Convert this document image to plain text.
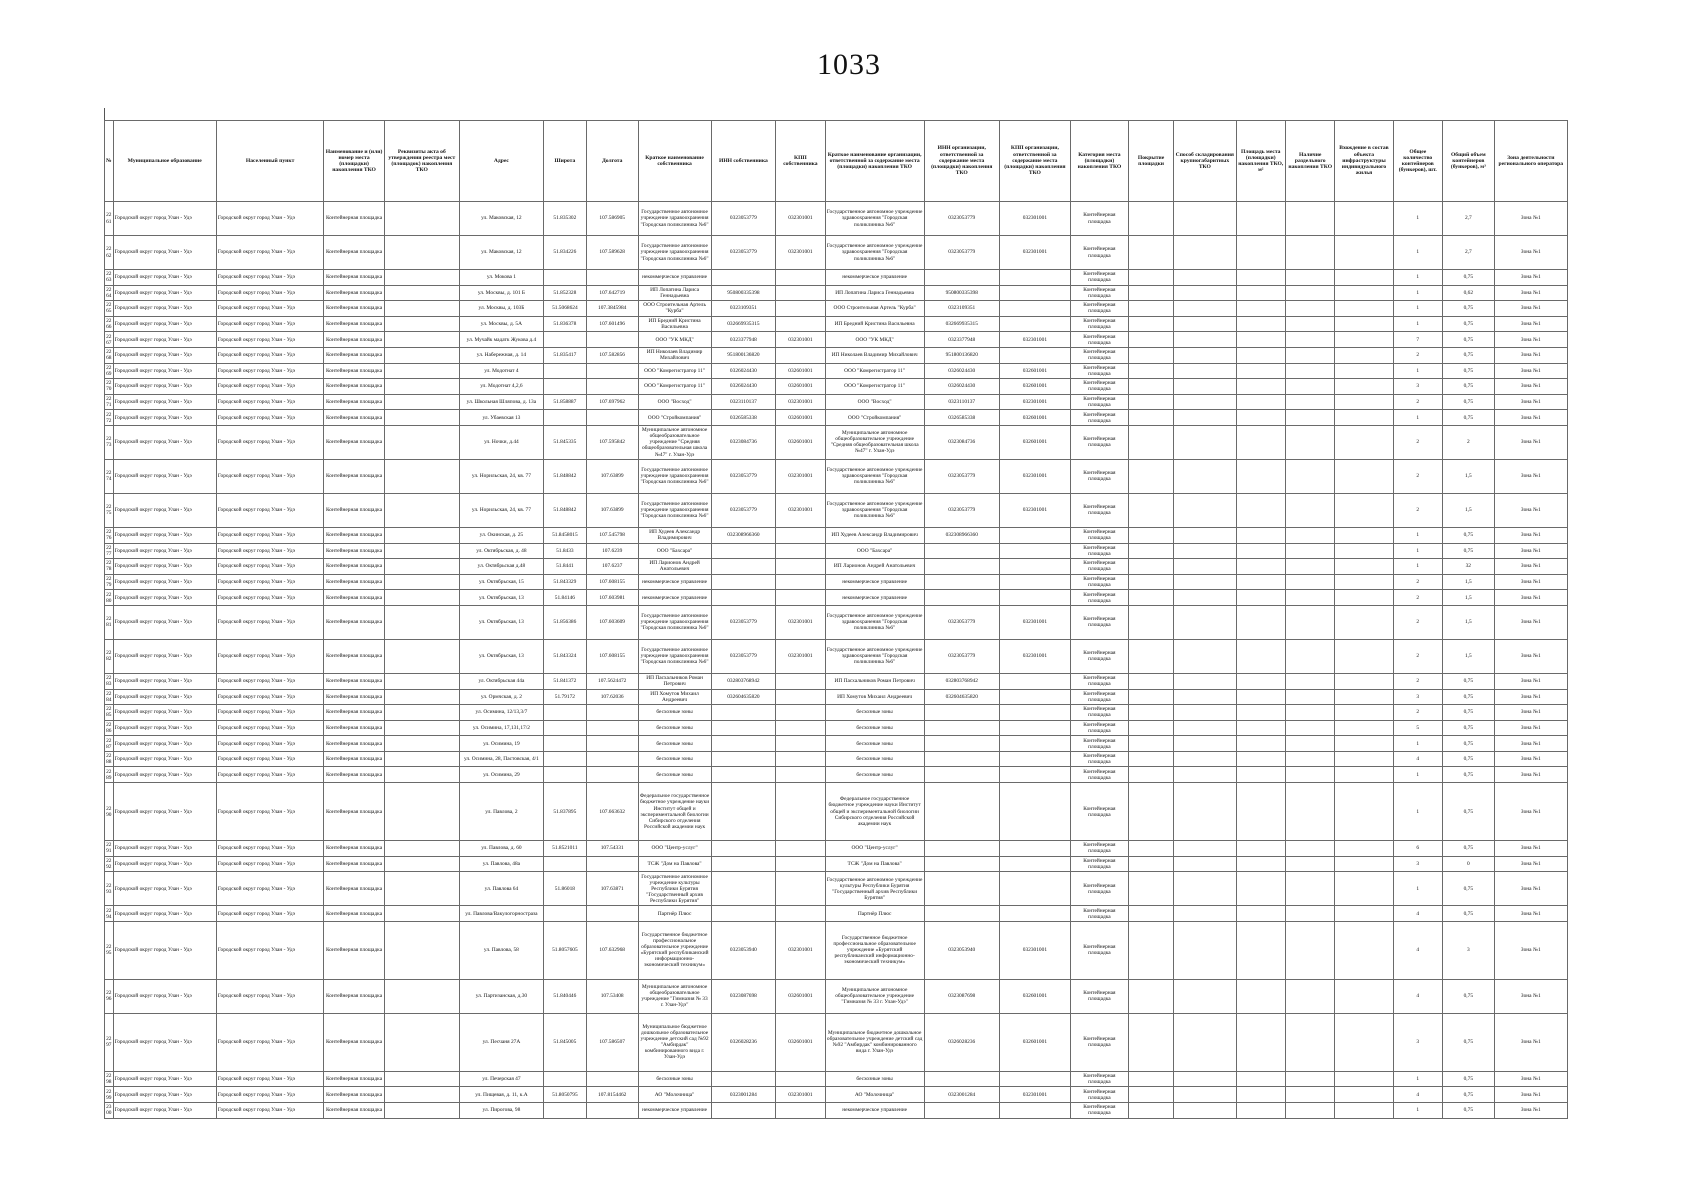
1033
№	Муниципальное образование	Населенный пункт	Наименование и (или) номер места (площадки) накопления ТКО	Реквизиты акта об утверждении реестра мест (площадок) накопления ТКО	Адрес	Широта	Долгота	Краткое наименование собственника	ИНН собственника	КПП собственника	Краткое наименование организации, ответственной за содержание места (площадки) накопления ТКО	ИНН организации, ответственной за содержание места (площадки) накопления ТКО	КПП организации, ответственной за содержание места (площадки) накопления ТКО	Категория места (площадки) накопления ТКО	Покрытие площадки	Способ складирования крупногабаритных ТКО	Площадь места (площадки) накопления ТКО, м²	Наличие раздельного накопления ТКО	Вхождение в состав объекта инфраструктуры индивидуального жилья	Общее количество контейнеров (бункеров), шт.	Общий объем контейнеров (бункеров), м³	Зона деятельности регионального оператора
2261	Городской округ город Улан - Удэ	Городской округ город Улан - Удэ	Контейнерная площадка		ул. Маковская, 12	51.835302	107.586905	Государственное автономное учреждение здравоохранения "Городская поликлиника №6"	0323053779	032301001	Государственное автономное учреждение здравоохранения "Городская поликлиника №6"	0323053779	032301001	Контейнерная площадка						1	2,7	Зона №1
2262	Городской округ город Улан - Удэ	Городской округ город Улан - Удэ	Контейнерная площадка		ул. Маковская, 12	51.834226	107.589628	Государственное автономное учреждение здравоохранения "Городская поликлиника №6"	0323053779	032301001	Государственное автономное учреждение здравоохранения "Городская поликлиника №6"	0323053779	032301001	Контейнерная площадка						1	2,7	Зона №1
2263	Городской округ город Улан - Удэ	Городской округ город Улан - Удэ	Контейнерная площадка		ул. Мокова 1			некоммерческое управление			некоммерческое управление			Контейнерная площадка						1	0,75	Зона №1
2264	Городской округ город Улан - Удэ	Городской округ город Улан - Удэ	Контейнерная площадка		ул. Москвы, д. 101 Б	51.852328	107.642719	ИП Лопатина Лариса Геннадьевна	950800335398		ИП Лопатина Лариса Геннадьевна	950800335398		Контейнерная площадка						1	0,62	Зона №1
2265	Городской округ город Улан - Удэ	Городской округ город Улан - Удэ	Контейнерная площадка		ул. Москвы, д. 103Б	51.5068624	107.3845984	ООО Строительная Артель "Курба"	0323109351		ООО Строительная Артель "Курба"	0323109351		Контейнерная площадка						1	0,75	Зона №1
2266	Городской округ город Улан - Удэ	Городской округ город Улан - Удэ	Контейнерная площадка		ул. Москвы, д. 5А	51.836378	107.601496	ИП Бредний Кристина Васильевна	032669935315		ИП Бредний Кристина Васильевна	032669935315		Контейнерная площадка						1	0,75	Зона №1
2267	Городской округ город Улан - Удэ	Городской округ город Улан - Удэ	Контейнерная площадка		ул. Мучайк мадатк Жукова д.4			ООО "УК МКД"	0323377948	032301001	ООО "УК МКД"	0323377948	032301001	Контейнерная площадка						7	0,75	Зона №1
2268	Городской округ город Улан - Удэ	Городской округ город Улан - Удэ	Контейнерная площадка		ул. Набережная, д. 14	51.835417	107.582856	ИП Николаев Владимир Михайлович	951800136820		ИП Николаев Владимир Михайлович	951800136820		Контейнерная площадка						2	0,75	Зона №1
2269	Городской округ город Улан - Удэ	Городской округ город Улан - Удэ	Контейнерная площадка		ул. Модотнат 4			ООО "Комрегистратор 11"	0326024430	032601001	ООО "Комрегистратор 11"	0326024430	032601001	Контейнерная площадка						1	0,75	Зона №1
2270	Городской округ город Улан - Удэ	Городской округ город Улан - Удэ	Контейнерная площадка		ул. Модотнат 4,2,6			ООО "Комрегистратор 11"	0326024430	032601001	ООО "Комрегистратор 11"	0326024430	032601001	Контейнерная площадка						3	0,75	Зона №1
2271	Городской округ город Улан - Удэ	Городской округ город Улан - Удэ	Контейнерная площадка		ул. Школьная Шляпова, д. 13а	51.858887	107.697962	ООО "Восход"	0323110137	032301001	ООО "Восход"	0323110137	032301001	Контейнерная площадка						2	0,75	Зона №1
2272	Городской округ город Улан - Удэ	Городской округ город Улан - Удэ	Контейнерная площадка		ул. Убаевская 13			ООО "Стройкомпания"	0326585338	032601001	ООО "Стройкомпания"	0326585338	032601001	Контейнерная площадка						1	0,75	Зона №1
2273	Городской округ город Улан - Удэ	Городской округ город Улан - Удэ	Контейнерная площадка		ул. Ночки, д.44	51.845335	107.595842	Муниципальное автономное общеобразовательное учреждение "Средняя общеобразовательная школа №47" г. Улан-Удэ	0323084736	032601001	Муниципальное автономное общеобразовательное учреждение "Средняя общеобразовательная школа №47" г. Улан-Удэ	0323084736	032601001	Контейнерная площадка						2	2	Зона №1
2274	Городской округ город Улан - Удэ	Городской округ город Улан - Удэ	Контейнерная площадка		ул. Норильская, 24, кв. 77	51.848842	107.63899	Государственное автономное учреждение здравоохранения "Городская поликлиника №6"	0323053779	032301001	Государственное автономное учреждение здравоохранения "Городская поликлиника №6"	0323053779	032301001	Контейнерная площадка						2	1,5	Зона №1
2275	Городской округ город Улан - Удэ	Городской округ город Улан - Удэ	Контейнерная площадка		ул. Норильская, 24, кв. 77	51.848842	107.63899	Государственное автономное учреждение здравоохранения "Городская поликлиника №6"	0323053779	032301001	Государственное автономное учреждение здравоохранения "Городская поликлиника №6"	0323053779	032301001	Контейнерная площадка						2	1,5	Зона №1
2276	Городской округ город Улан - Удэ	Городской округ город Улан - Удэ	Контейнерная площадка		ул. Окинская, д. 25	51.8458015	107.545798	ИП Худеев Александр Владимирович	032308966360		ИП Худеев Александр Владимирович	032308966360		Контейнерная площадка						1	0,75	Зона №1
2277	Городской округ город Улан - Удэ	Городской округ город Улан - Удэ	Контейнерная площадка		ул. Октябрьская, д. 48	51.8433	107.6239	ООО "Бахсара"			ООО "Бахсара"			Контейнерная площадка						1	0,75	Зона №1
2278	Городской округ город Улан - Удэ	Городской округ город Улан - Удэ	Контейнерная площадка		ул. Октябрьская д.48	51.8441	107.6237	ИП Ларионов Андрей Анатольевич			ИП Ларионов Андрей Анатольевич			Контейнерная площадка						1	32	Зона №1
2279	Городской округ город Улан - Удэ	Городской округ город Улан - Удэ	Контейнерная площадка		ул. Октябрьская, 15	51.843329	107.608155	некоммерческое управление			некоммерческое управление			Контейнерная площадка						2	1,5	Зона №1
2280	Городской округ город Улан - Удэ	Городской округ город Улан - Удэ	Контейнерная площадка		ул. Октябрьская, 13	51.84146	107.603981	некоммерческое управление			некоммерческое управление			Контейнерная площадка						2	1,5	Зона №1
2281	Городской округ город Улан - Удэ	Городской округ город Улан - Удэ	Контейнерная площадка		ул. Октябрьская, 13	51.856386	107.603609	Государственное автономное учреждение здравоохранения "Городская поликлиника №6"	0323053779	032301001	Государственное автономное учреждение здравоохранения "Городская поликлиника №6"	0323053779	032301001	Контейнерная площадка						2	1,5	Зона №1
2282	Городской округ город Улан - Удэ	Городской округ город Улан - Удэ	Контейнерная площадка		ул. Октябрьская, 13	51.843324	107.608155	Государственное автономное учреждение здравоохранения "Городская поликлиника №6"	0323053779	032301001	Государственное автономное учреждение здравоохранения "Городская поликлиника №6"	0323053779	032301001	Контейнерная площадка						2	1,5	Зона №1
2283	Городской округ город Улан - Удэ	Городской округ город Улан - Удэ	Контейнерная площадка		ул. Октябрьская 44а	51.841372	107.5624472	ИП Пасхальников Роман Петрович	032803768942		ИП Пасхальников Роман Петрович	032803768942		Контейнерная площадка						2	0,75	Зона №1
2284	Городской округ город Улан - Удэ	Городской округ город Улан - Удэ	Контейнерная площадка		ул. Ормчская, д. 2	51.79172	107.62036	ИП Хомутов Михаил Андреевич	032604635820		ИП Хомутов Михаил Андреевич	032604635820		Контейнерная площадка						3	0,75	Зона №1
2285	Городской округ город Улан - Удэ	Городской округ город Улан - Удэ	Контейнерная площадка		ул. Осимина, 12/13,3/7			бесхозные зоны			бесхозные зоны			Контейнерная площадка						2	0,75	Зона №1
2286	Городской округ город Улан - Удэ	Городской округ город Улан - Удэ	Контейнерная площадка		ул. Осимина, 17,131,17/2			бесхозные зоны			бесхозные зоны			Контейнерная площадка						5	0,75	Зона №1
2287	Городской округ город Улан - Удэ	Городской округ город Улан - Удэ	Контейнерная площадка		ул. Осимина, 19			бесхозные зоны			бесхозные зоны			Контейнерная площадка						1	0,75	Зона №1
2288	Городской округ город Улан - Удэ	Городской округ город Улан - Удэ	Контейнерная площадка		ул. Осимина, 28, Пастовская, 4/1			бесхозные зоны			бесхозные зоны			Контейнерная площадка						4	0,75	Зона №1
2289	Городской округ город Улан - Удэ	Городской округ город Улан - Удэ	Контейнерная площадка		ул. Осимина, 29			бесхозные зоны			бесхозные зоны			Контейнерная площадка						1	0,75	Зона №1
2290	Городской округ город Улан - Удэ	Городской округ город Улан - Удэ	Контейнерная площадка		ул. Павлова, 2	51.837895	107.663632	Федеральное государственное бюджетное учреждение науки Институт общей и экспериментальной биологии Сибирского отделения Российской академии наук			Федеральное государственное бюджетное учреждение науки Институт общей и экспериментальной биологии Сибирского отделения Российской академии наук			Контейнерная площадка						1	0,75	Зона №1
2291	Городской округ город Улан - Удэ	Городской округ город Улан - Удэ	Контейнерная площадка		ул. Павлова, д. 60	51.8521011	107.54331	ООО "Центр-услуг"			ООО "Центр-услуг"			Контейнерная площадка						6	0,75	Зона №1
2292	Городской округ город Улан - Удэ	Городской округ город Улан - Удэ	Контейнерная площадка		ул. Павлова, 48а			ТСЖ "Дом на Павлова"			ТСЖ "Дом на Павлова"			Контейнерная площадка						3	0	Зона №1
2293	Городской округ город Улан - Удэ	Городской округ город Улан - Удэ	Контейнерная площадка		ул. Павлова 64	51.86018	107.63871	Государственное автономное учреждение культуры Республики Бурятия "Государственный архив Республики Бурятия"			Государственное автономное учреждение культуры Республики Бурятия "Государственный архив Республики Бурятия"			Контейнерная площадка						1	0,75	Зона №1
2294	Городской округ город Улан - Удэ	Городской округ город Улан - Удэ	Контейнерная площадка		ул. Павлова/Вакулогорностраза			Партнёр Плюс			Партнёр Плюс			Контейнерная площадка						4	0,75	Зона №1
2295	Городской округ город Улан - Удэ	Городской округ город Улан - Удэ	Контейнерная площадка		ул. Павлова, 58	51.8057605	107.632968	Государственное бюджетное профессиональное образовательное учреждение «Бурятский республиканский информационно-экономический техникум»	0323053940	032301001	Государственное бюджетное профессиональное образовательное учреждение «Бурятский республиканский информационно-экономический техникум»	0323053940	032301001	Контейнерная площадка						4	3	Зона №1
2296	Городской округ город Улан - Удэ	Городской округ город Улан - Удэ	Контейнерная площадка		ул. Партизанская, д.30	51.840446	107.53408	Муниципальное автономное общеобразовательное учреждение "Гимназия № 33 г. Улан-Удэ"	0323087698	032601001	Муниципальное автономное общеобразовательное учреждение "Гимназия № 33 г. Улан-Удэ"	0323087698	032601001	Контейнерная площадка						4	0,75	Зона №1
2297	Городской округ город Улан - Удэ	Городской округ город Улан - Удэ	Контейнерная площадка		ул. Песчаня 27А	51.845005	107.586507	Муниципальное бюджетное дошкольное образовательное учреждение детский сад №92 "Амбирдак" комбинированного вида г. Улан-Удэ	0326028236	032601001	Муниципальное бюджетное дошкольное образовательное учреждение детский сад №92 "Амбирдак" комбинированного вида г. Улан-Удэ	0326028236	032601001	Контейнерная площадка						3	0,75	Зона №1
2298	Городской округ город Улан - Удэ	Городской округ город Улан - Удэ	Контейнерная площадка		ул. Печерская 47			бесхозные зоны			бесхозные зоны			Контейнерная площадка						1	0,75	Зона №1
2299	Городской округ город Улан - Удэ	Городской округ город Улан - Удэ	Контейнерная площадка		ул. Пищевая, д. 11, к.А	51.8050795	107.8154462	АО "Молочница"	0323001284	032301001	АО "Молочница"	0323001284	032301001	Контейнерная площадка						4	0,75	Зона №1
2300	Городской округ город Улан - Удэ	Городской округ город Улан - Удэ	Контейнерная площадка		ул. Пирогова, 98			некоммерческое управление			некоммерческое управление			Контейнерная площадка						1	0,75	Зона №1
